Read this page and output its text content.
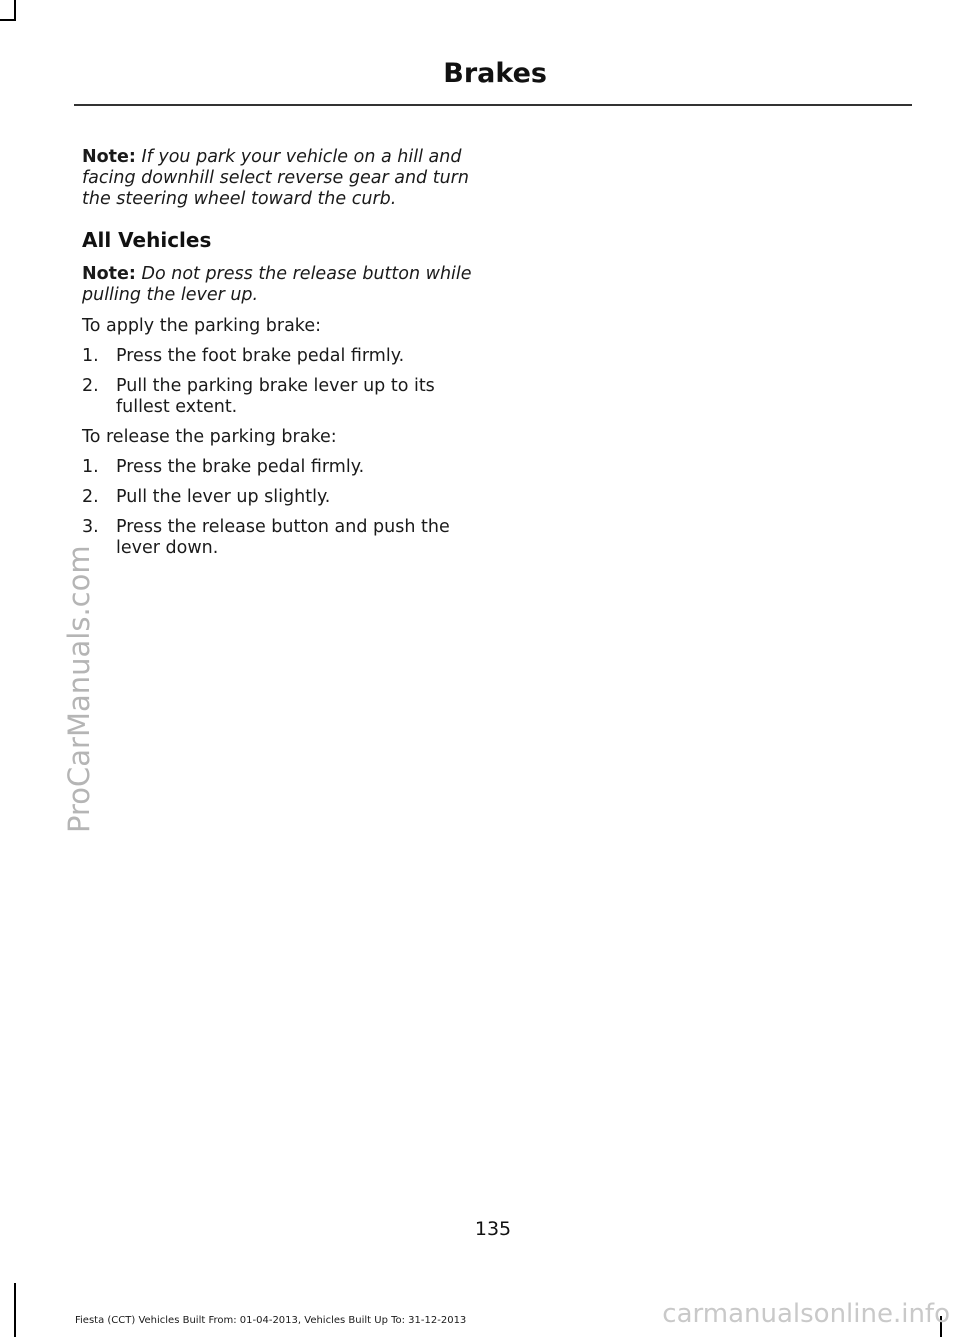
Brakes

Note: If you park your vehicle on a hill and facing downhill select reverse gear and turn the steering wheel toward the curb.

All Vehicles

Note: Do not press the release button while pulling the lever up.

To apply the parking brake:

1. Press the foot brake pedal firmly.
2. Pull the parking brake lever up to its fullest extent.

To release the parking brake:

1. Press the brake pedal firmly.
2. Pull the lever up slightly.
3. Press the release button and push the lever down.
ProCarManuals.com
135
Fiesta (CCT) Vehicles Built From: 01-04-2013, Vehicles Built Up To: 31-12-2013	carmanualsonline.info
